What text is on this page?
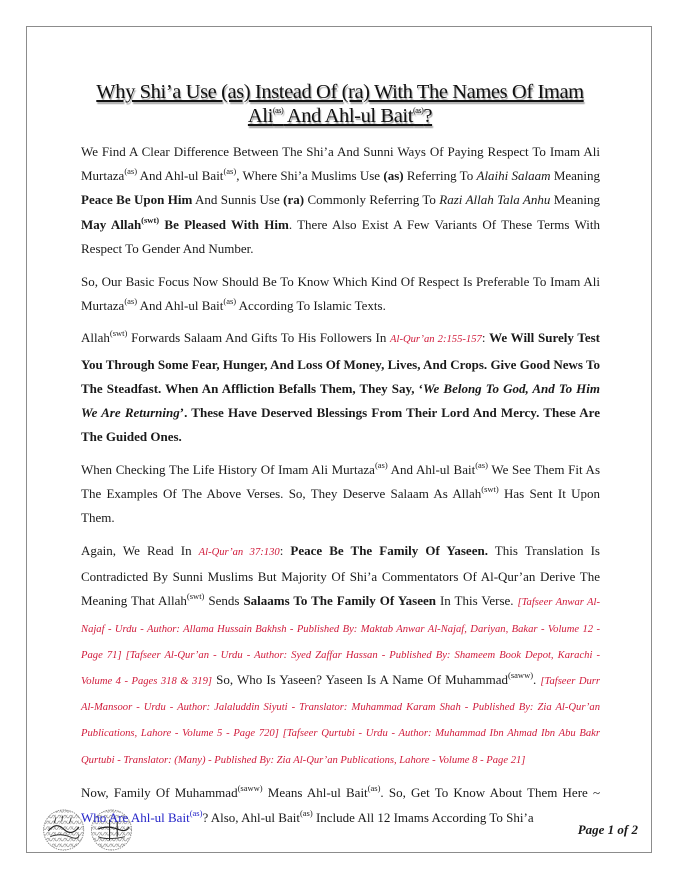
Why Shi’a Use (as) Instead Of (ra) With The Names Of Imam
Ali$^{(as)}$ And Ahl-ul Bait$^{(as)}$?

We Find A Clear Difference Between The Shi’a And Sunni Ways Of Paying Respect To Imam Ali Murtaza$^{(as)}$ And Ahl-ul Bait$^{(as)}$, Where Shi’a Muslims Use (as) Referring To Alaihi Salaam Meaning Peace Be Upon Him And Sunnis Use (ra) Commonly Referring To Razi Allah Tala Anhu Meaning May Allah$^{(swt)}$ Be Pleased With Him. There Also Exist A Few Variants Of These Terms With Respect To Gender And Number.

So, Our Basic Focus Now Should Be To Know Which Kind Of Respect Is Preferable To Imam Ali Murtaza$^{(as)}$ And Ahl-ul Bait$^{(as)}$ According To Islamic Texts.

Allah$^{(swt)}$ Forwards Salaam And Gifts To His Followers In Al-Qur’an 2:155-157: We Will Surely Test You Through Some Fear, Hunger, And Loss Of Money, Lives, And Crops. Give Good News To The Steadfast. When An Affliction Befalls Them, They Say, ‘We Belong To God, And To Him We Are Returning’. These Have Deserved Blessings From Their Lord And Mercy. These Are The Guided Ones.

When Checking The Life History Of Imam Ali Murtaza$^{(as)}$ And Ahl-ul Bait$^{(as)}$ We See Them Fit As The Examples Of The Above Verses. So, They Deserve Salaam As Allah$^{(swt)}$ Has Sent It Upon Them.

Again, We Read In Al-Qur’an 37:130: Peace Be The Family Of Yaseen. This Translation Is Contradicted By Sunni Muslims But Majority Of Shi’a Commentators Of Al-Qur’an Derive The Meaning That Allah$^{(swt)}$ Sends Salaams To The Family Of Yaseen In This Verse. [Tafseer Anwar Al-Najaf - Urdu - Author: Allama Hussain Bakhsh - Published By: Maktab Anwar Al-Najaf, Dariyan, Bakar - Volume 12 - Page 71] [Tafseer Al-Qur’an - Urdu - Author: Syed Zaffar Hassan - Published By: Shameem Book Depot, Karachi - Volume 4 - Pages 318 & 319] So, Who Is Yaseen? Yaseen Is A Name Of Muhammad$^{(saww)}$. [Tafseer Durr Al-Mansoor - Urdu - Author: Jalaluddin Siyuti - Translator: Muhammad Karam Shah - Published By: Zia Al-Qur’an Publications, Lahore - Volume 5 - Page 720] [Tafseer Qurtubi - Urdu - Author: Muhammad Ibn Ahmad Ibn Abu Bakr Qurtubi - Translator: (Many) - Published By: Zia Al-Qur’an Publications, Lahore - Volume 8 - Page 21]

Now, Family Of Muhammad$^{(saww)}$ Means Ahl-ul Bait$^{(as)}$. So, Get To Know About Them Here ~ Who Are Ahl-ul Bait$^{(as)}$? Also, Ahl-ul Bait$^{(as)}$ Include All 12 Imams According To Shi’a

Page 1 of 2
